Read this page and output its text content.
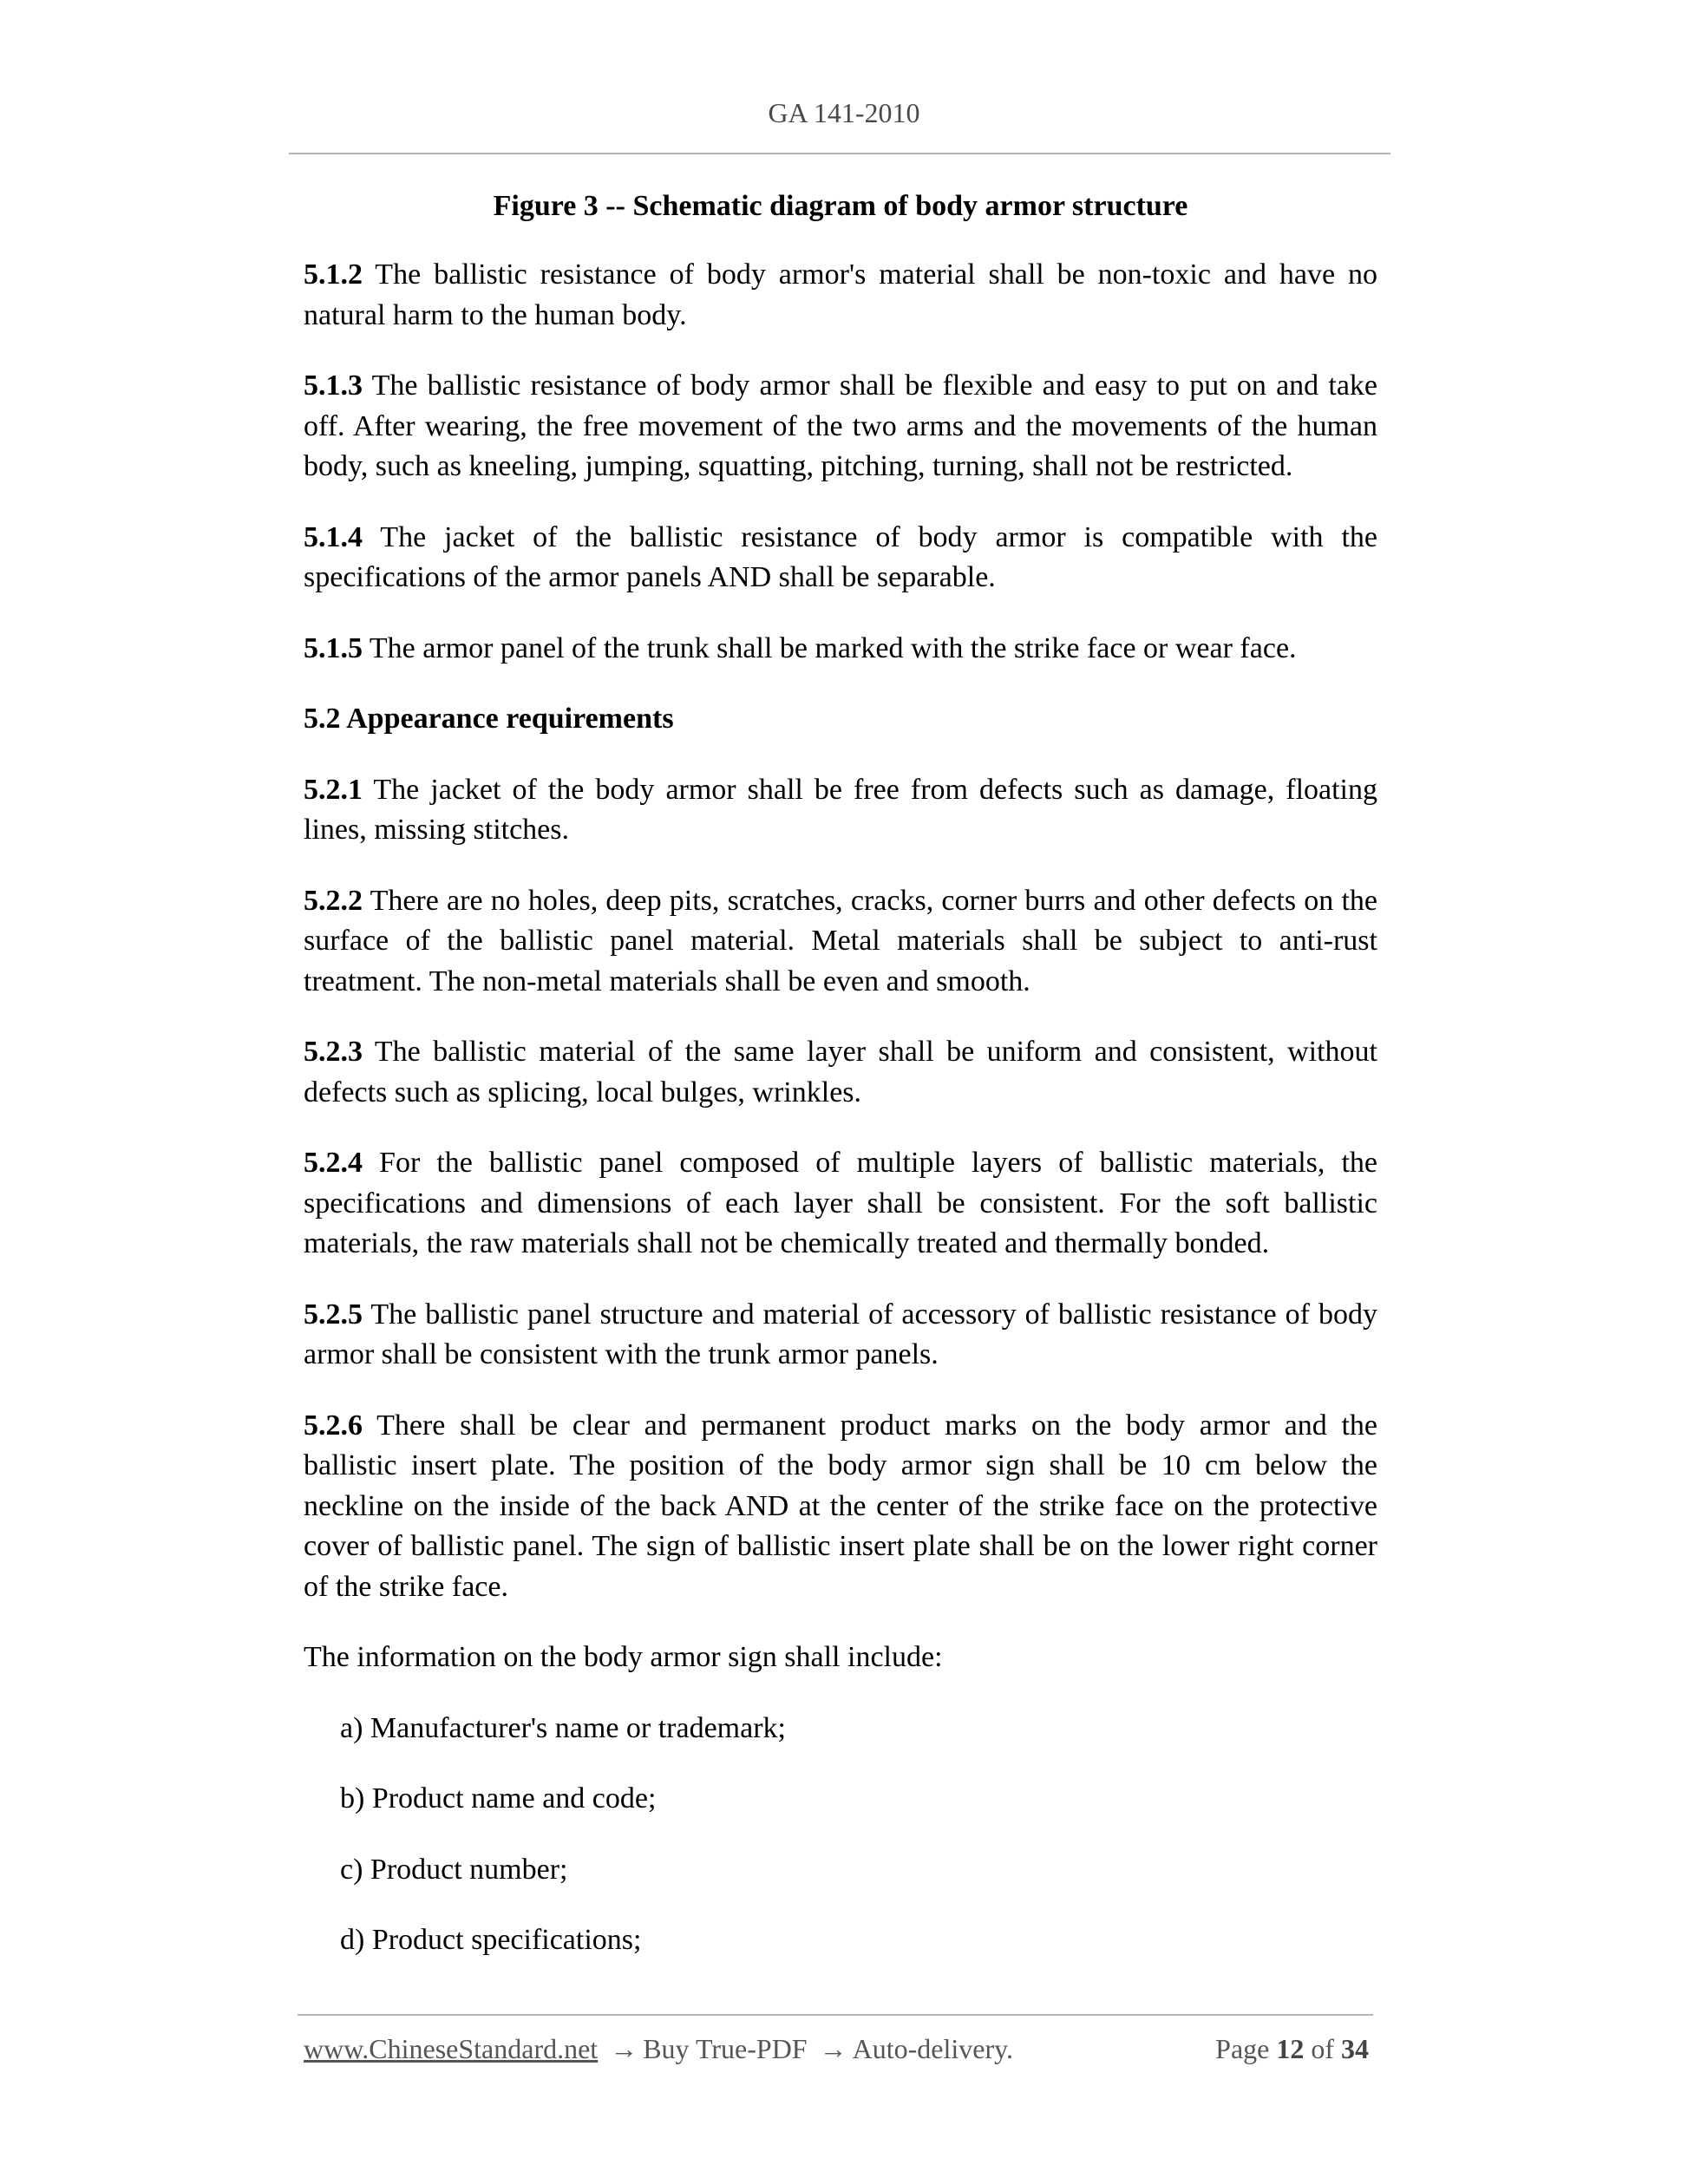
GA 141-2010

Figure 3 -- Schematic diagram of body armor structure

5.1.2 The ballistic resistance of body armor's material shall be non-toxic and have no natural harm to the human body.

5.1.3 The ballistic resistance of body armor shall be flexible and easy to put on and take off. After wearing, the free movement of the two arms and the movements of the human body, such as kneeling, jumping, squatting, pitching, turning, shall not be restricted.

5.1.4 The jacket of the ballistic resistance of body armor is compatible with the specifications of the armor panels AND shall be separable.

5.1.5 The armor panel of the trunk shall be marked with the strike face or wear face.

5.2 Appearance requirements

5.2.1 The jacket of the body armor shall be free from defects such as damage, floating lines, missing stitches.

5.2.2 There are no holes, deep pits, scratches, cracks, corner burrs and other defects on the surface of the ballistic panel material. Metal materials shall be subject to anti-rust treatment. The non-metal materials shall be even and smooth.

5.2.3 The ballistic material of the same layer shall be uniform and consistent, without defects such as splicing, local bulges, wrinkles.

5.2.4 For the ballistic panel composed of multiple layers of ballistic materials, the specifications and dimensions of each layer shall be consistent. For the soft ballistic materials, the raw materials shall not be chemically treated and thermally bonded.

5.2.5 The ballistic panel structure and material of accessory of ballistic resistance of body armor shall be consistent with the trunk armor panels.

5.2.6 There shall be clear and permanent product marks on the body armor and the ballistic insert plate. The position of the body armor sign shall be 10 cm below the neckline on the inside of the back AND at the center of the strike face on the protective cover of ballistic panel. The sign of ballistic insert plate shall be on the lower right corner of the strike face.

The information on the body armor sign shall include:

a) Manufacturer's name or trademark;

b) Product name and code;

c) Product number;

d) Product specifications;

www.ChineseStandard.net → Buy True-PDF → Auto-delivery.	Page 12 of 34
